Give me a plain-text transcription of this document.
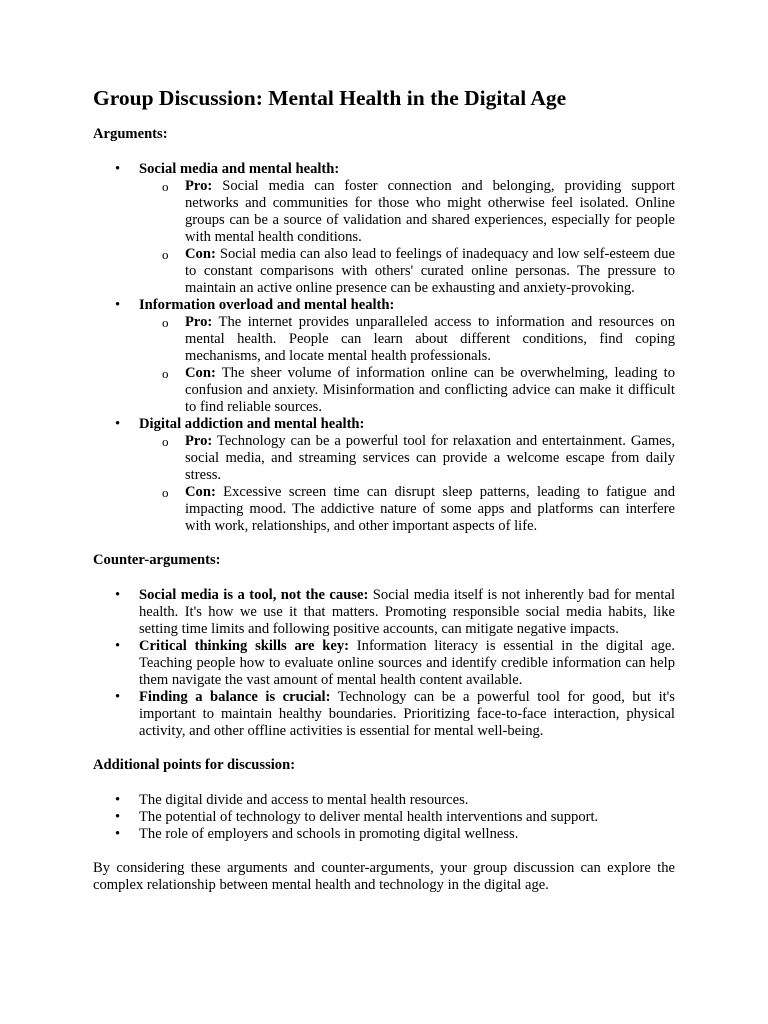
Group Discussion: Mental Health in the Digital Age

Arguments:

• Social media and mental health:
o Pro: Social media can foster connection and belonging, providing support networks and communities for those who might otherwise feel isolated. Online groups can be a source of validation and shared experiences, especially for people with mental health conditions.
o Con: Social media can also lead to feelings of inadequacy and low self-esteem due to constant comparisons with others' curated online personas. The pressure to maintain an active online presence can be exhausting and anxiety-provoking.
• Information overload and mental health:
o Pro: The internet provides unparalleled access to information and resources on mental health. People can learn about different conditions, find coping mechanisms, and locate mental health professionals.
o Con: The sheer volume of information online can be overwhelming, leading to confusion and anxiety. Misinformation and conflicting advice can make it difficult to find reliable sources.
• Digital addiction and mental health:
o Pro: Technology can be a powerful tool for relaxation and entertainment. Games, social media, and streaming services can provide a welcome escape from daily stress.
o Con: Excessive screen time can disrupt sleep patterns, leading to fatigue and impacting mood. The addictive nature of some apps and platforms can interfere with work, relationships, and other important aspects of life.

Counter-arguments:

• Social media is a tool, not the cause: Social media itself is not inherently bad for mental health. It's how we use it that matters. Promoting responsible social media habits, like setting time limits and following positive accounts, can mitigate negative impacts.
• Critical thinking skills are key: Information literacy is essential in the digital age. Teaching people how to evaluate online sources and identify credible information can help them navigate the vast amount of mental health content available.
• Finding a balance is crucial: Technology can be a powerful tool for good, but it's important to maintain healthy boundaries. Prioritizing face-to-face interaction, physical activity, and other offline activities is essential for mental well-being.

Additional points for discussion:

• The digital divide and access to mental health resources.
• The potential of technology to deliver mental health interventions and support.
• The role of employers and schools in promoting digital wellness.

By considering these arguments and counter-arguments, your group discussion can explore the complex relationship between mental health and technology in the digital age.
